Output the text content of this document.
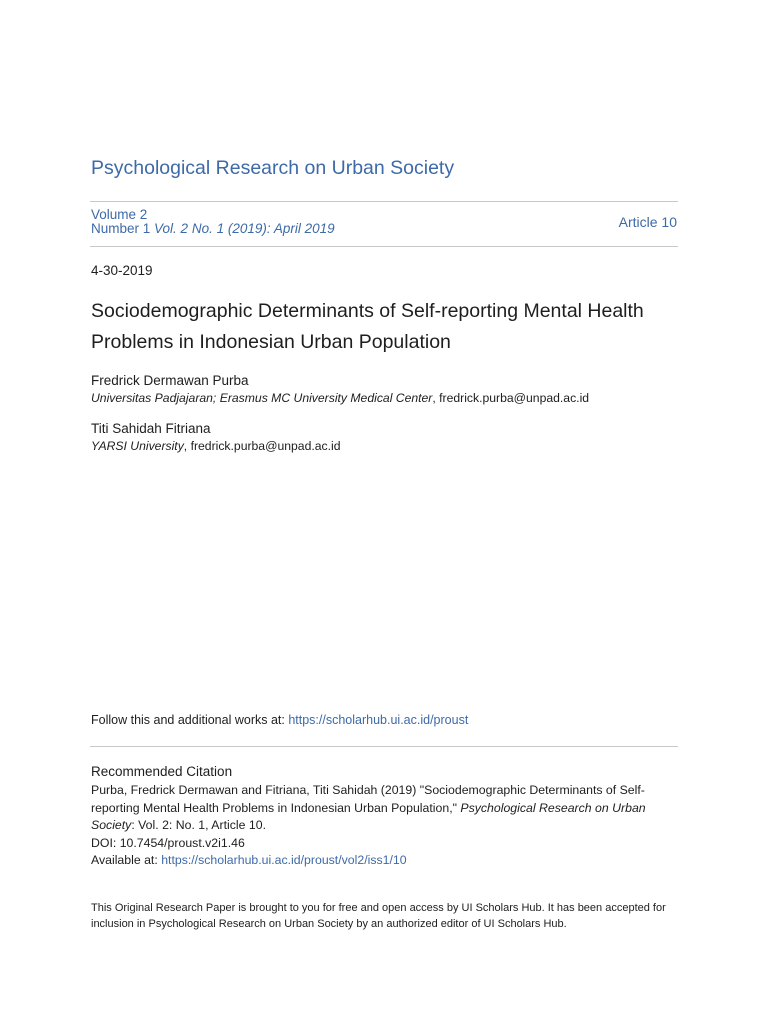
Psychological Research on Urban Society
Volume 2
Number 1 Vol. 2 No. 1 (2019): April 2019	Article 10
4-30-2019
Sociodemographic Determinants of Self-reporting Mental Health Problems in Indonesian Urban Population
Fredrick Dermawan Purba
Universitas Padjajaran; Erasmus MC University Medical Center, fredrick.purba@unpad.ac.id
Titi Sahidah Fitriana
YARSI University, fredrick.purba@unpad.ac.id
Follow this and additional works at: https://scholarhub.ui.ac.id/proust
Recommended Citation
Purba, Fredrick Dermawan and Fitriana, Titi Sahidah (2019) "Sociodemographic Determinants of Self-reporting Mental Health Problems in Indonesian Urban Population," Psychological Research on Urban Society: Vol. 2: No. 1, Article 10.
DOI: 10.7454/proust.v2i1.46
Available at: https://scholarhub.ui.ac.id/proust/vol2/iss1/10
This Original Research Paper is brought to you for free and open access by UI Scholars Hub. It has been accepted for inclusion in Psychological Research on Urban Society by an authorized editor of UI Scholars Hub.
